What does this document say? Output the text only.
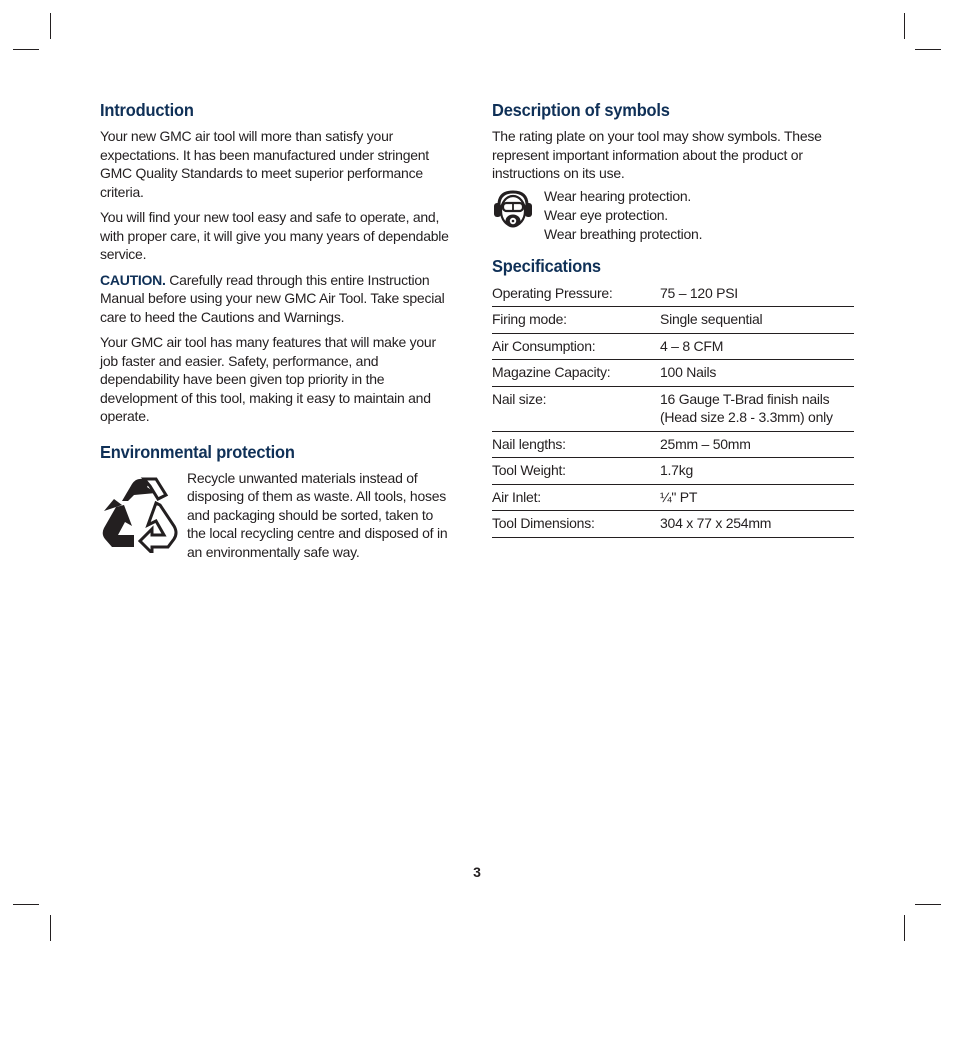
Introduction

Your new GMC air tool will more than satisfy your expectations. It has been manufactured under stringent GMC Quality Standards to meet superior performance criteria.

You will find your new tool easy and safe to operate, and, with proper care, it will give you many years of dependable service.

CAUTION. Carefully read through this entire Instruction Manual before using your new GMC Air Tool. Take special care to heed the Cautions and Warnings.

Your GMC air tool has many features that will make your job faster and easier. Safety, performance, and dependability have been given top priority in the development of this tool, making it easy to maintain and operate.

Environmental protection

Recycle unwanted materials instead of disposing of them as waste. All tools, hoses and packaging should be sorted, taken to the local recycling centre and disposed of in an environmentally safe way.

Description of symbols

The rating plate on your tool may show symbols. These represent important information about the product or instructions on its use.

Wear hearing protection.
Wear eye protection.
Wear breathing protection.
Specifications
Operating Pressure:	75 – 120 PSI
Firing mode:	Single sequential
Air Consumption:	4 – 8 CFM
Magazine Capacity:	100 Nails
Nail size:	16 Gauge T-Brad finish nails
(Head size 2.8 - 3.3mm) only

Nail lengths:	25mm – 50mm
Tool Weight:	1.7kg
Air Inlet:	¼" PT
Tool Dimensions:	304 x 77 x 254mm
3
